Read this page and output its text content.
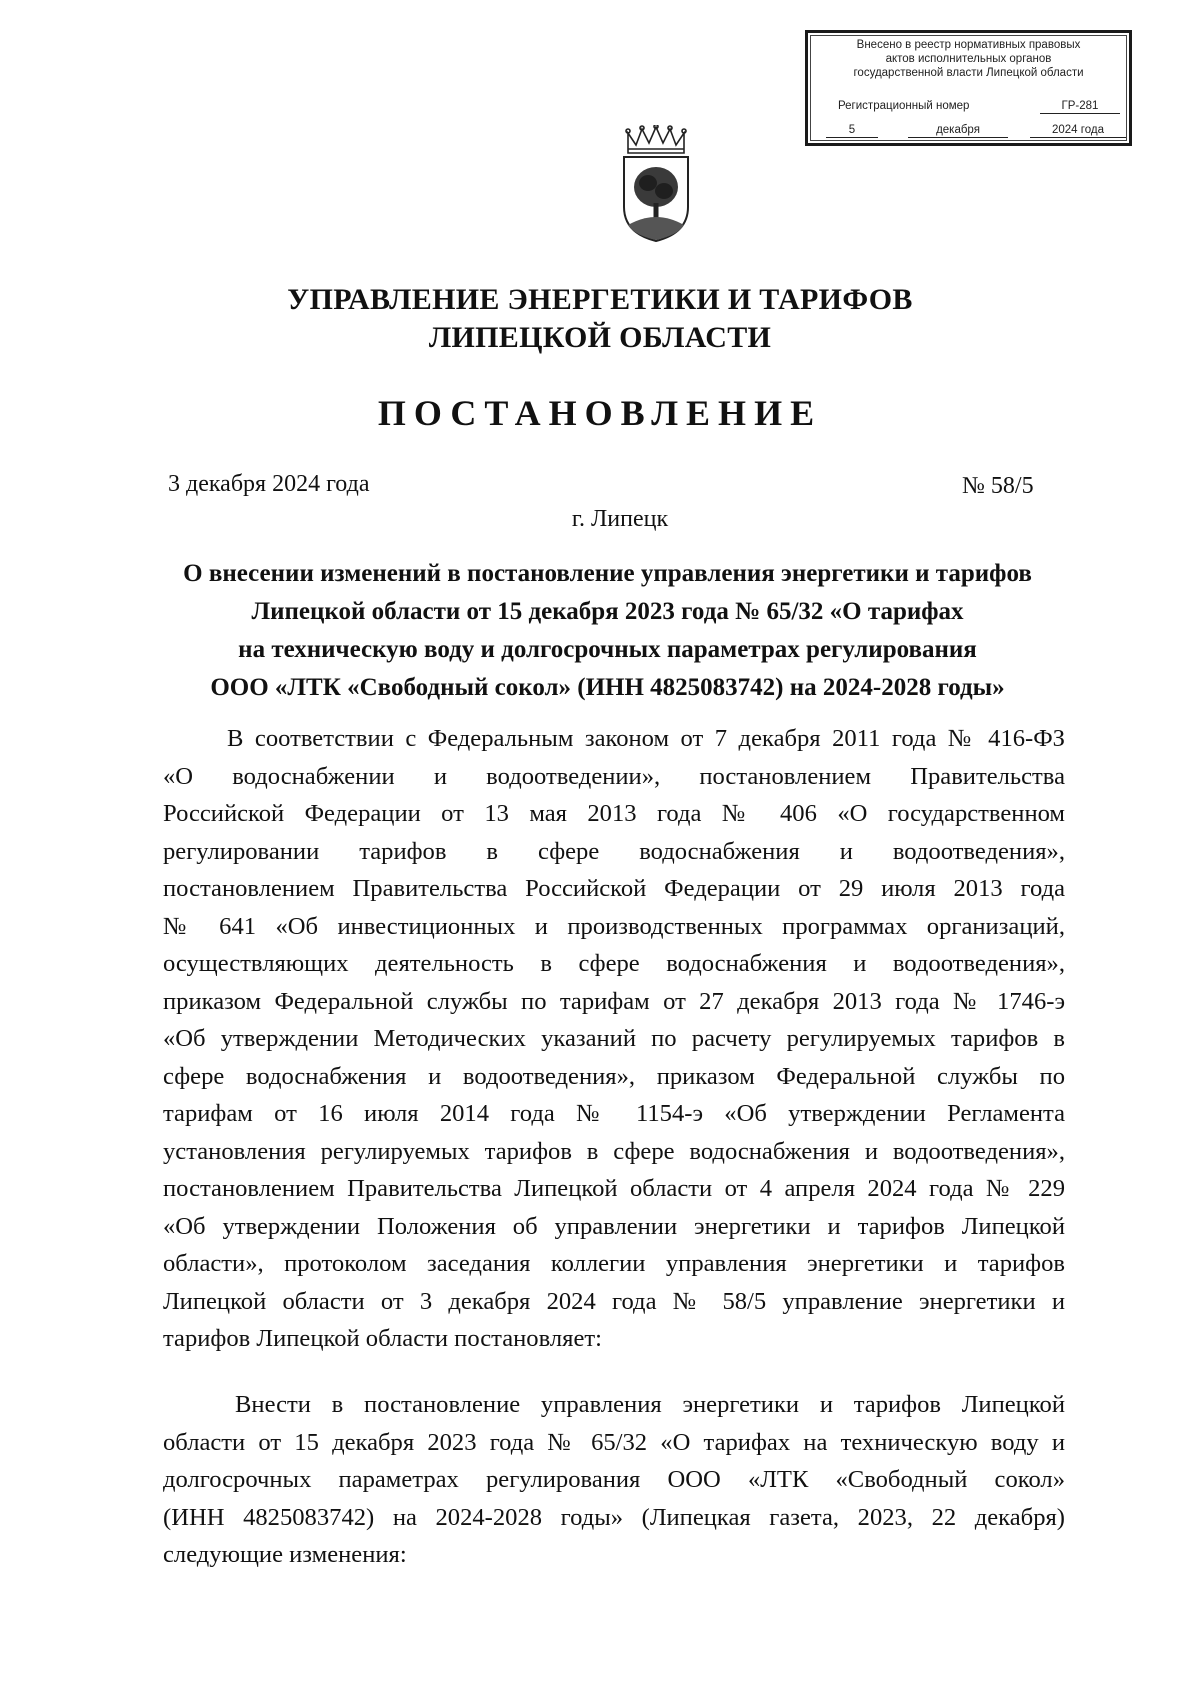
Внесено в реестр нормативных правовых
актов исполнительных органов
государственной власти Липецкой области
Регистрационный номер	ГР-281
5	декабря	2024 года
УПРАВЛЕНИЕ ЭНЕРГЕТИКИ И ТАРИФОВ
ЛИПЕЦКОЙ ОБЛАСТИ
ПОСТАНОВЛЕНИЕ
3 декабря 2024 года	№ 58/5
г. Липецк
О внесении изменений в постановление управления энергетики и тарифов
Липецкой области от 15 декабря 2023 года № 65/32 «О тарифах
на техническую воду и долгосрочных параметрах регулирования
ООО «ЛТК «Свободный сокол» (ИНН 4825083742) на 2024-2028 годы»
В соответствии с Федеральным законом от 7 декабря 2011 года № 416-ФЗ
«О водоснабжении и водоотведении», постановлением Правительства
Российской Федерации от 13 мая 2013 года № 406 «О государственном
регулировании тарифов в сфере водоснабжения и водоотведения»,
постановлением Правительства Российской Федерации от 29 июля 2013 года
№ 641 «Об инвестиционных и производственных программах организаций,
осуществляющих деятельность в сфере водоснабжения и водоотведения»,
приказом Федеральной службы по тарифам от 27 декабря 2013 года № 1746-э
«Об утверждении Методических указаний по расчету регулируемых тарифов в
сфере водоснабжения и водоотведения», приказом Федеральной службы по
тарифам от 16 июля 2014 года № 1154-э «Об утверждении Регламента
установления регулируемых тарифов в сфере водоснабжения и водоотведения»,
постановлением Правительства Липецкой области от 4 апреля 2024 года № 229
«Об утверждении Положения об управлении энергетики и тарифов Липецкой
области», протоколом заседания коллегии управления энергетики и тарифов
Липецкой области от 3 декабря 2024 года № 58/5 управление энергетики и
тарифов Липецкой области постановляет:
Внести в постановление управления энергетики и тарифов Липецкой
области от 15 декабря 2023 года № 65/32 «О тарифах на техническую воду и
долгосрочных параметрах регулирования ООО «ЛТК «Свободный сокол»
(ИНН 4825083742) на 2024-2028 годы» (Липецкая газета, 2023, 22 декабря)
следующие изменения:
